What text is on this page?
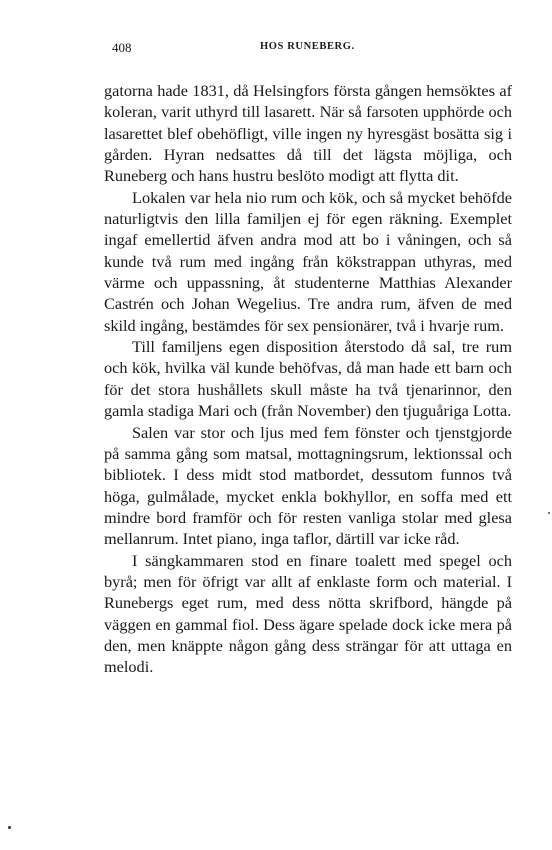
408	HOS RUNEBERG.

gatorna hade 1831, då Helsingfors första gången hemsöktes af koleran, varit uthyrd till lasarett. När så farsoten upphörde och lasarettet blef obehöfligt, ville ingen ny hyresgäst bosätta sig i gården. Hyran nedsattes då till det lägsta möjliga, och Runeberg och hans hustru beslöto modigt att flytta dit.

Lokalen var hela nio rum och kök, och så mycket behöfde naturligtvis den lilla familjen ej för egen räkning. Exemplet ingaf emellertid äfven andra mod att bo i våningen, och så kunde två rum med ingång från kökstrappan uthyras, med värme och uppassning, åt studenterne Matthias Alexander Castrén och Johan Wegelius. Tre andra rum, äfven de med skild ingång, bestämdes för sex pensionärer, två i hvarje rum.

Till familjens egen disposition återstodo då sal, tre rum och kök, hvilka väl kunde behöfvas, då man hade ett barn och för det stora hushållets skull måste ha två tjenarinnor, den gamla stadiga Mari och (från November) den tjuguåriga Lotta.

Salen var stor och ljus med fem fönster och tjenstgjorde på samma gång som matsal, mottagningsrum, lektionssal och bibliotek. I dess midt stod matbordet, dessutom funnos två höga, gulmålade, mycket enkla bokhyllor, en soffa med ett mindre bord framför och för resten vanliga stolar med glesa mellanrum. Intet piano, inga taflor, därtill var icke råd.

I sängkammaren stod en finare toalett med spegel och byrå; men för öfrigt var allt af enklaste form och material. I Runebergs eget rum, med dess nötta skrifbord, hängde på väggen en gammal fiol. Dess ägare spelade dock icke mera på den, men knäppte någon gång dess strängar för att uttaga en melodi.
